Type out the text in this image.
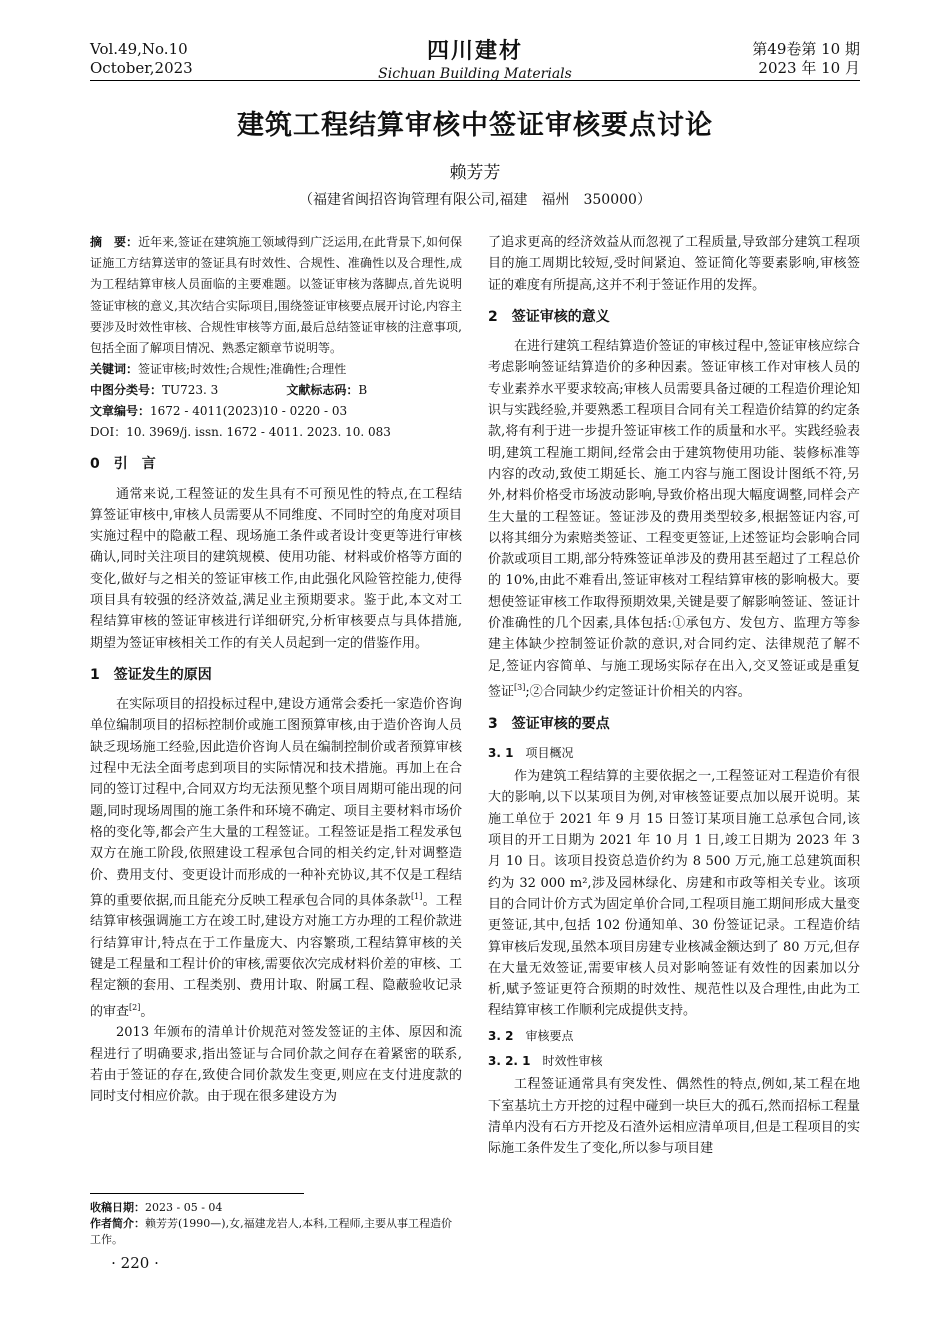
Vol.49,No.10
October,2023
四川建材
Sichuan Building Materials
第49卷第 10 期
2023 年 10 月
建筑工程结算审核中签证审核要点讨论
赖芳芳
（福建省闽招咨询管理有限公司,福建　福州　350000）
摘　要：近年来,签证在建筑施工领域得到广泛运用,在此背景下,如何保证施工方结算送审的签证具有时效性、合规性、准确性以及合理性,成为工程结算审核人员面临的主要难题。以签证审核为落脚点,首先说明签证审核的意义,其次结合实际项目,围绕签证审核要点展开讨论,内容主要涉及时效性审核、合规性审核等方面,最后总结签证审核的注意事项,包括全面了解项目情况、熟悉定额章节说明等。
关键词：签证审核;时效性;合规性;准确性;合理性
中图分类号：TU723. 3	文献标志码：B
文章编号：1672 - 4011(2023)10 - 0220 - 03
DOI：10. 3969/j. issn. 1672 - 4011. 2023. 10. 083
0　引　言

通常来说,工程签证的发生具有不可预见性的特点,在工程结算签证审核中,审核人员需要从不同维度、不同时空的角度对项目实施过程中的隐蔽工程、现场施工条件或者设计变更等进行审核确认,同时关注项目的建筑规模、使用功能、材料或价格等方面的变化,做好与之相关的签证审核工作,由此强化风险管控能力,使得项目具有较强的经济效益,满足业主预期要求。鉴于此,本文对工程结算审核的签证审核进行详细研究,分析审核要点与具体措施,期望为签证审核相关工作的有关人员起到一定的借鉴作用。

1　签证发生的原因

在实际项目的招投标过程中,建设方通常会委托一家造价咨询单位编制项目的招标控制价或施工图预算审核,由于造价咨询人员缺乏现场施工经验,因此造价咨询人员在编制控制价或者预算审核过程中无法全面考虑到项目的实际情况和技术措施。再加上在合同的签订过程中,合同双方均无法预见整个项目周期可能出现的问题,同时现场周围的施工条件和环境不确定、项目主要材料市场价格的变化等,都会产生大量的工程签证。工程签证是指工程发承包双方在施工阶段,依照建设工程承包合同的相关约定,针对调整造价、费用支付、变更设计而形成的一种补充协议,其不仅是工程结算的重要依据,而且能充分反映工程承包合同的具体条款[1]。工程结算审核强调施工方在竣工时,建设方对施工方办理的工程价款进行结算审计,特点在于工作量庞大、内容繁琐,工程结算审核的关键是工程量和工程计价的审核,需要依次完成材料价差的审核、工程定额的套用、工程类别、费用计取、附属工程、隐蔽验收记录的审查[2]。

2013 年颁布的清单计价规范对签发签证的主体、原因和流程进行了明确要求,指出签证与合同价款之间存在着紧密的联系,若由于签证的存在,致使合同价款发生变更,则应在支付进度款的同时支付相应价款。由于现在很多建设方为

了追求更高的经济效益从而忽视了工程质量,导致部分建筑工程项目的施工周期比较短,受时间紧迫、签证简化等要素影响,审核签证的难度有所提高,这并不利于签证作用的发挥。
2　签证审核的意义

在进行建筑工程结算造价签证的审核过程中,签证审核应综合考虑影响签证结算造价的多种因素。签证审核工作对审核人员的专业素养水平要求较高;审核人员需要具备过硬的工程造价理论知识与实践经验,并要熟悉工程项目合同有关工程造价结算的约定条款,将有利于进一步提升签证审核工作的质量和水平。实践经验表明,建筑工程施工期间,经常会由于建筑物使用功能、装修标准等内容的改动,致使工期延长、施工内容与施工图设计图纸不符,另外,材料价格受市场波动影响,导致价格出现大幅度调整,同样会产生大量的工程签证。签证涉及的费用类型较多,根据签证内容,可以将其细分为索赔类签证、工程变更签证,上述签证均会影响合同价款或项目工期,部分特殊签证单涉及的费用甚至超过了工程总价的 10%,由此不难看出,签证审核对工程结算审核的影响极大。要想使签证审核工作取得预期效果,关键是要了解影响签证、签证计价准确性的几个因素,具体包括:①承包方、发包方、监理方等参建主体缺少控制签证价款的意识,对合同约定、法律规范了解不足,签证内容简单、与施工现场实际存在出入,交叉签证或是重复签证[3];②合同缺少约定签证计价相关的内容。

3　签证审核的要点
3. 1　 项目概况

作为建筑工程结算的主要依据之一,工程签证对工程造价有很大的影响,以下以某项目为例,对审核签证要点加以展开说明。某施工单位于 2021 年 9 月 15 日签订某项目施工总承包合同,该项目的开工日期为 2021 年 10 月 1 日,竣工日期为 2023 年 3 月 10 日。该项目投资总造价约为 8 500 万元,施工总建筑面积约为 32 000 m²,涉及园林绿化、房建和市政等相关专业。该项目的合同计价方式为固定单价合同,工程项目施工期间形成大量变更签证,其中,包括 102 份通知单、30 份签证记录。工程造价结算审核后发现,虽然本项目房建专业核减金额达到了 80 万元,但存在大量无效签证,需要审核人员对影响签证有效性的因素加以分析,赋予签证更符合预期的时效性、规范性以及合理性,由此为工程结算审核工作顺利完成提供支持。

3. 2　 审核要点
3. 2. 1　 时效性审核

工程签证通常具有突发性、偶然性的特点,例如,某工程在地下室基坑土方开挖的过程中碰到一块巨大的孤石,然而招标工程量清单内没有石方开挖及石渣外运相应清单项目,但是工程项目的实际施工条件发生了变化,所以参与项目建

收稿日期：2023 - 05 - 04
作者简介：赖芳芳(1990—),女,福建龙岩人,本科,工程师,主要从事工程造价工作。
· 220 ·
